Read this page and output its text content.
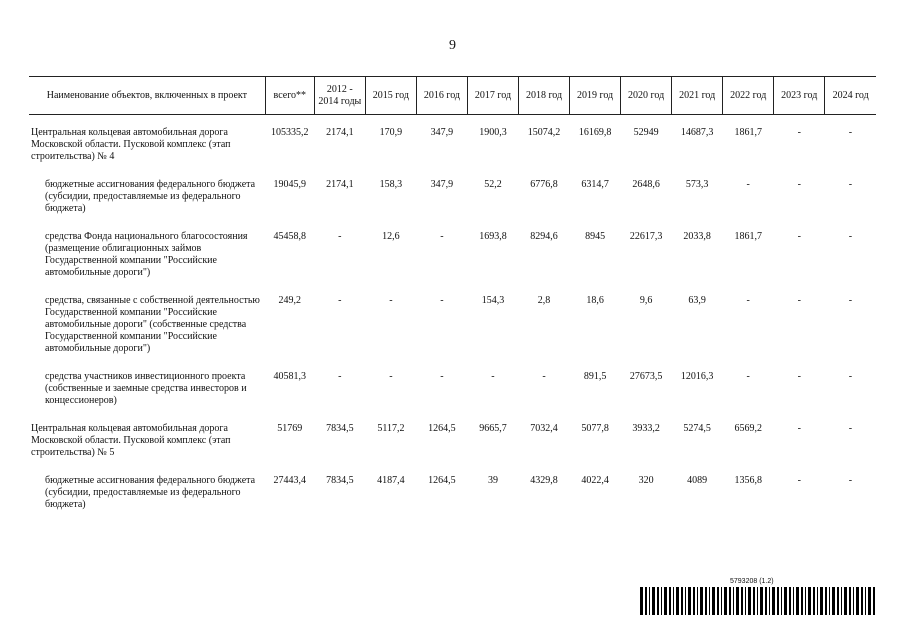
9
Наименование объектов, включенных в проект	всего**	2012 - 2014 годы	2015 год	2016 год	2017 год	2018 год	2019 год	2020 год	2021 год	2022 год	2023 год	2024 год
Центральная кольцевая автомобильная дорога Московской области. Пусковой комплекс (этап строительства) № 4	105335,2	2174,1	170,9	347,9	1900,3	15074,2	16169,8	52949	14687,3	1861,7	-	-
бюджетные ассигнования федерального бюджета (субсидии, предоставляемые из федерального бюджета)	19045,9	2174,1	158,3	347,9	52,2	6776,8	6314,7	2648,6	573,3	-	-	-
средства Фонда национального благосостояния (размещение облигационных займов Государственной компании "Российские автомобильные дороги")	45458,8	-	12,6	-	1693,8	8294,6	8945	22617,3	2033,8	1861,7	-	-
средства, связанные с собственной деятельностью Государственной компании "Российские автомобильные дороги" (собственные средства Государственной компании "Российские автомобильные дороги")	249,2	-	-	-	154,3	2,8	18,6	9,6	63,9	-	-	-
средства участников инвестиционного проекта (собственные и заемные средства инвесторов и концессионеров)	40581,3	-	-	-	-	-	891,5	27673,5	12016,3	-	-	-
Центральная кольцевая автомобильная дорога Московской области. Пусковой комплекс (этап строительства) № 5	51769	7834,5	5117,2	1264,5	9665,7	7032,4	5077,8	3933,2	5274,5	6569,2	-	-
бюджетные ассигнования федерального бюджета (субсидии, предоставляемые из федерального бюджета)	27443,4	7834,5	4187,4	1264,5	39	4329,8	4022,4	320	4089	1356,8	-	-
5793208 (1.2)
